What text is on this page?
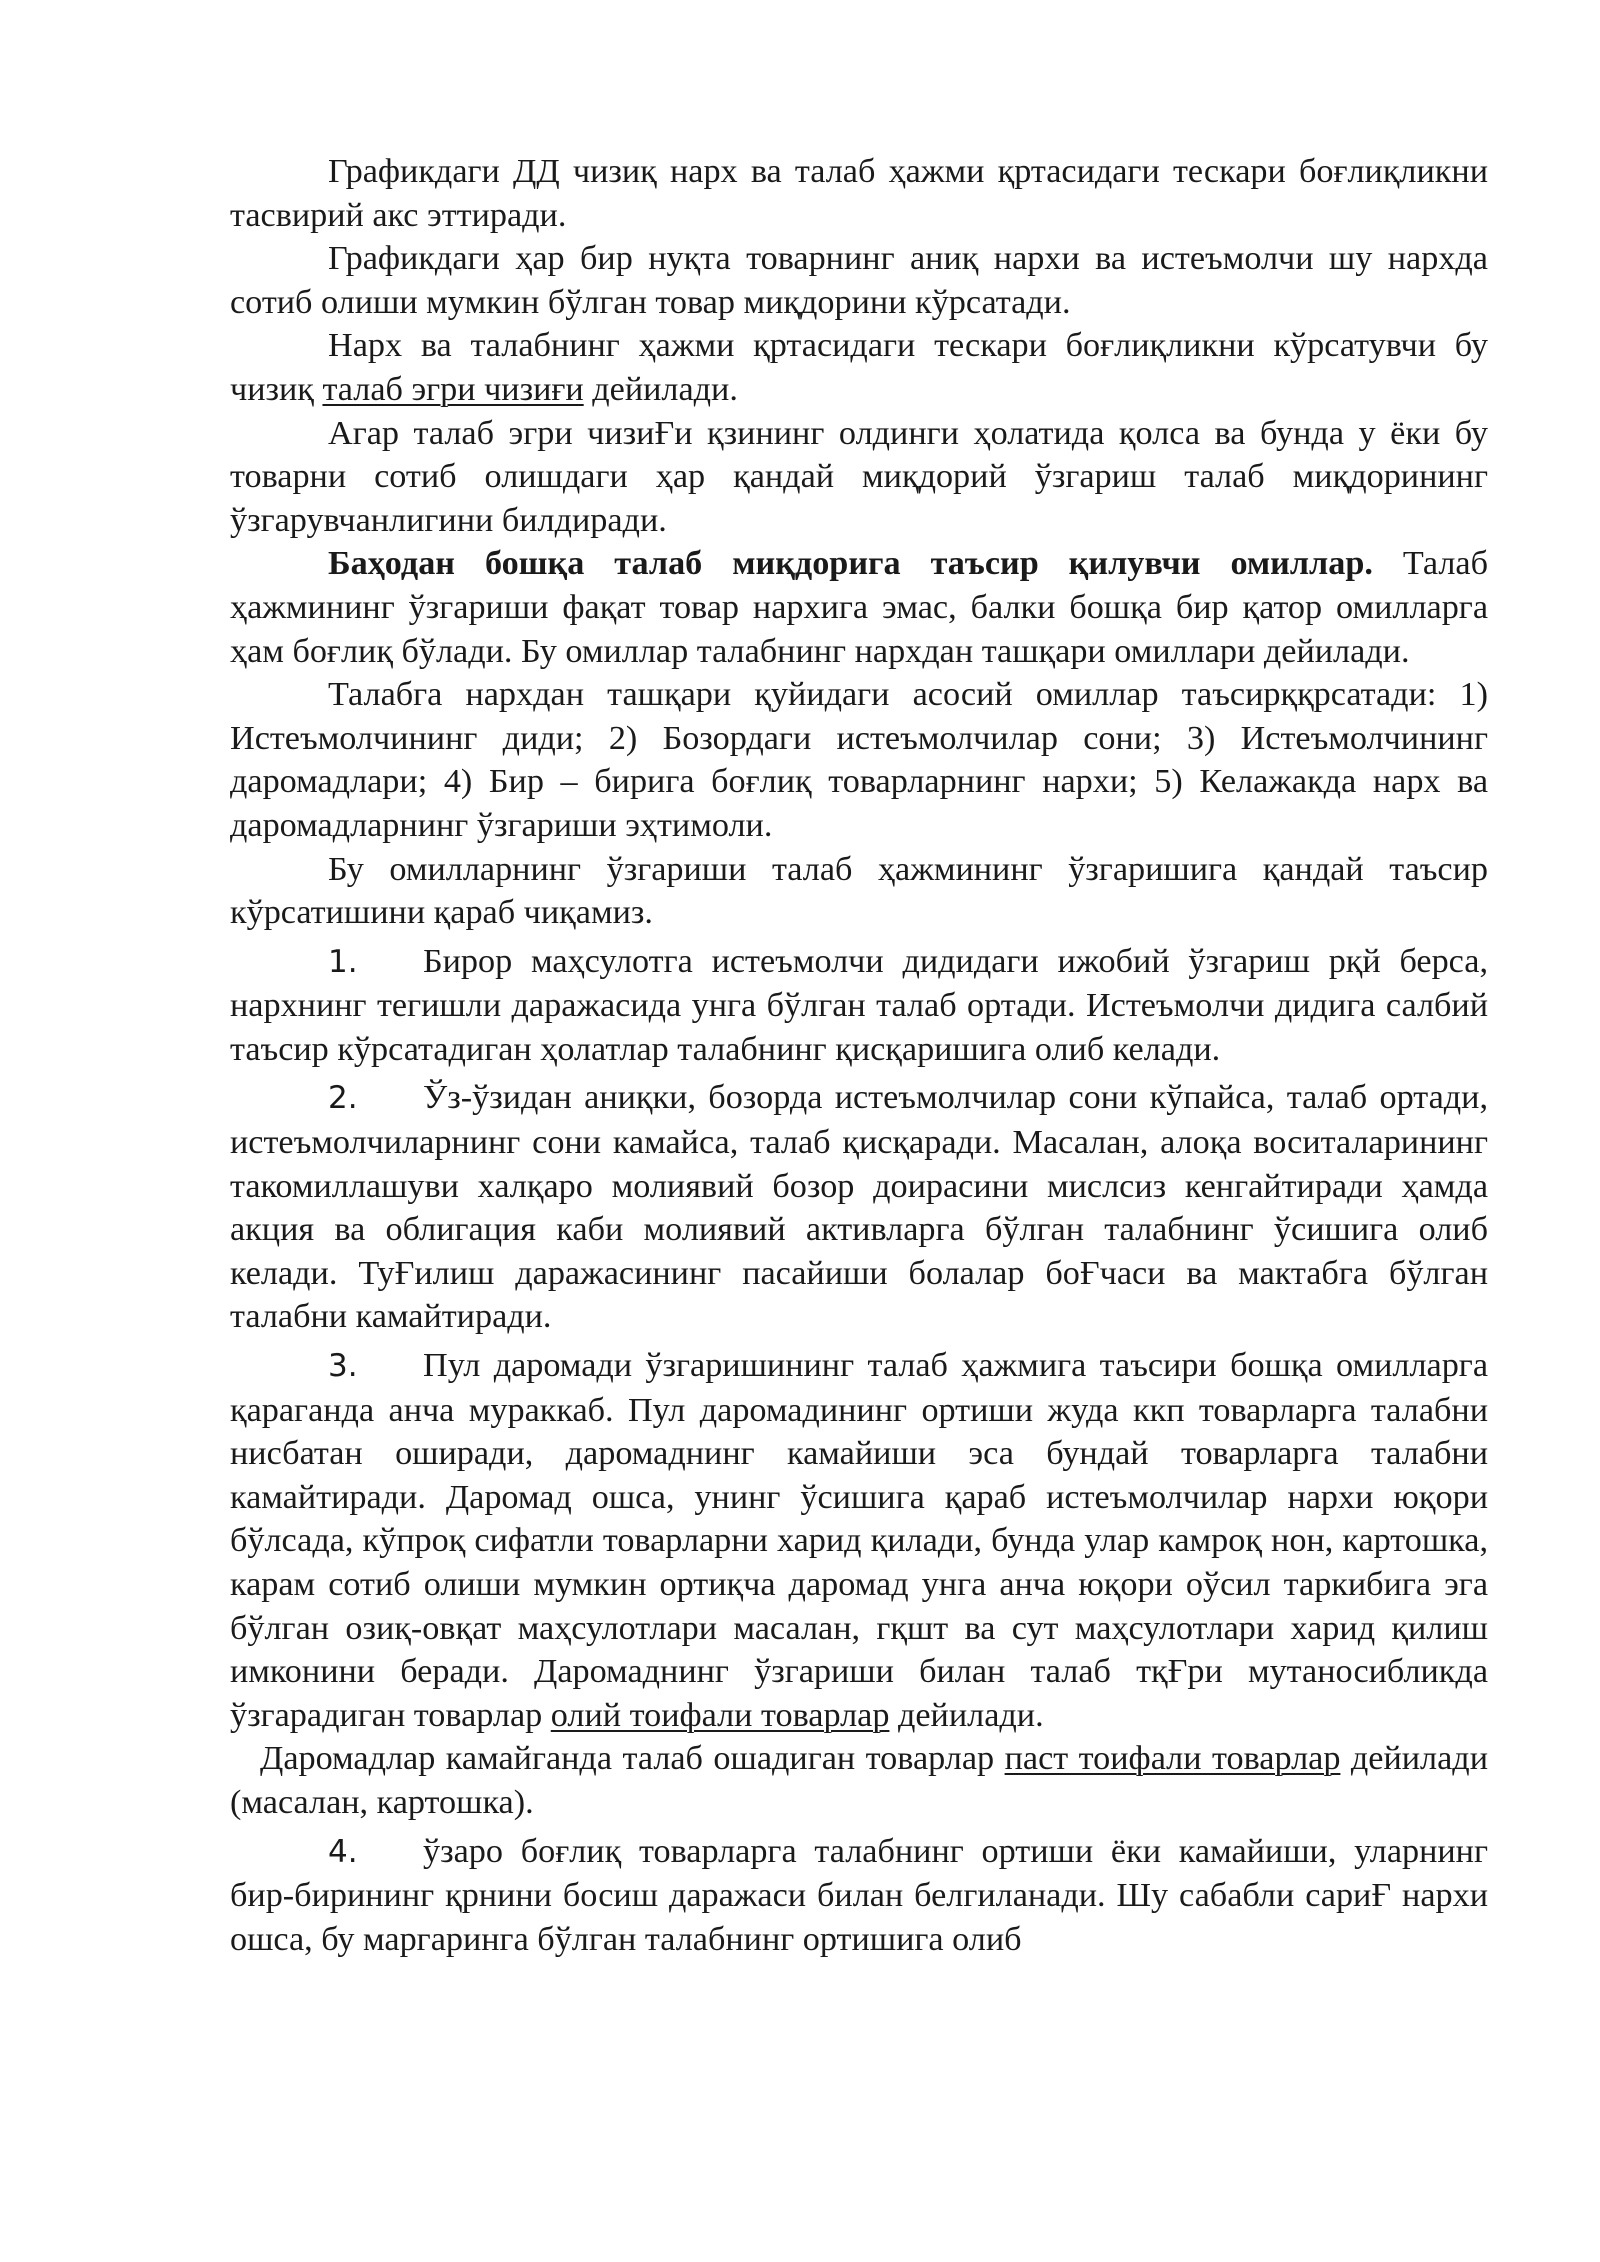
Графикдаги ДД чизиқ нарх ва талаб ҳажми қртасидаги тескари боғлиқликни тасвирий акс эттиради.

Графикдаги ҳар бир нуқта товарнинг аниқ нархи ва истеъмолчи шу нархда сотиб олиши мумкин бўлган товар миқдорини кўрсатади.

Нарх ва талабнинг ҳажми қртасидаги тескари боғлиқликни кўрсатувчи бу чизиқ талаб эгри чизиғи дейилади.

Агар талаб эгри чизиҒи қзининг олдинги ҳолатида қолса ва бунда у ёки бу товарни сотиб олишдаги ҳар қандай миқдорий ўзгариш талаб миқдорининг ўзгарувчанлигини билдиради.

Баҳодан бошқа талаб миқдорига таъсир қилувчи омиллар. Талаб ҳажмининг ўзгариши фақат товар нархига эмас, балки бошқа бир қатор омилларга ҳам боғлиқ бўлади. Бу омиллар талабнинг нархдан ташқари омиллари дейилади.

Талабга нархдан ташқари қуйидаги асосий омиллар таъсирққрсатади: 1) Истеъмолчининг диди; 2) Бозордаги истеъмолчилар сони; 3) Истеъмолчининг даромадлари; 4) Бир – бирига боғлиқ товарларнинг нархи; 5) Келажакда нарх ва даромадларнинг ўзгариши эҳтимоли.

Бу омилларнинг ўзгариши талаб ҳажмининг ўзгаришига қандай таъсир кўрсатишини қараб чиқамиз.

1. Бирор маҳсулотга истеъмолчи дидидаги ижобий ўзгариш рқй берса, нархнинг тегишли даражасида унга бўлган талаб ортади. Истеъмолчи дидига салбий таъсир кўрсатадиган ҳолатлар талабнинг қисқаришига олиб келади.

2. Ўз-ўзидан аниқки, бозорда истеъмолчилар сони кўпайса, талаб ортади, истеъмолчиларнинг сони камайса, талаб қисқаради. Масалан, алоқа воситаларининг такомиллашуви халқаро молиявий бозор доирасини мислсиз кенгайтиради ҳамда акция ва облигация каби молиявий активларга бўлган талабнинг ўсишига олиб келади. ТуҒилиш даражасининг пасайиши болалар боҒчаси ва мактабга бўлган талабни камайтиради.

3. Пул даромади ўзгаришининг талаб ҳажмига таъсири бошқа омилларга қараганда анча мураккаб. Пул даромадининг ортиши жуда ккп товарларга талабни нисбатан оширади, даромаднинг камайиши эса бундай товарларга талабни камайтиради. Даромад ошса, унинг ўсишига қараб истеъмолчилар нархи юқори бўлсада, кўпроқ сифатли товарларни харид қилади, бунда улар камроқ нон, картошка, карам сотиб олиши мумкин ортиқча даромад унга анча юқори оўсил таркибига эга бўлган озиқ-овқат маҳсулотлари масалан, гқшт ва сут маҳсулотлари харид қилиш имконини беради. Даромаднинг ўзгариши билан талаб тқҒри мутаносибликда ўзгарадиган товарлар олий тоифали товарлар дейилади.

Даромадлар камайганда талаб ошадиган товарлар паст тоифали товарлар дейилади (масалан, картошка).

4. ўзаро боғлиқ товарларга талабнинг ортиши ёки камайиши, уларнинг бир-бирининг қрнини босиш даражаси билан белгиланади. Шу сабабли сариҒ нархи ошса, бу маргаринга бўлган талабнинг ортишига олиб
